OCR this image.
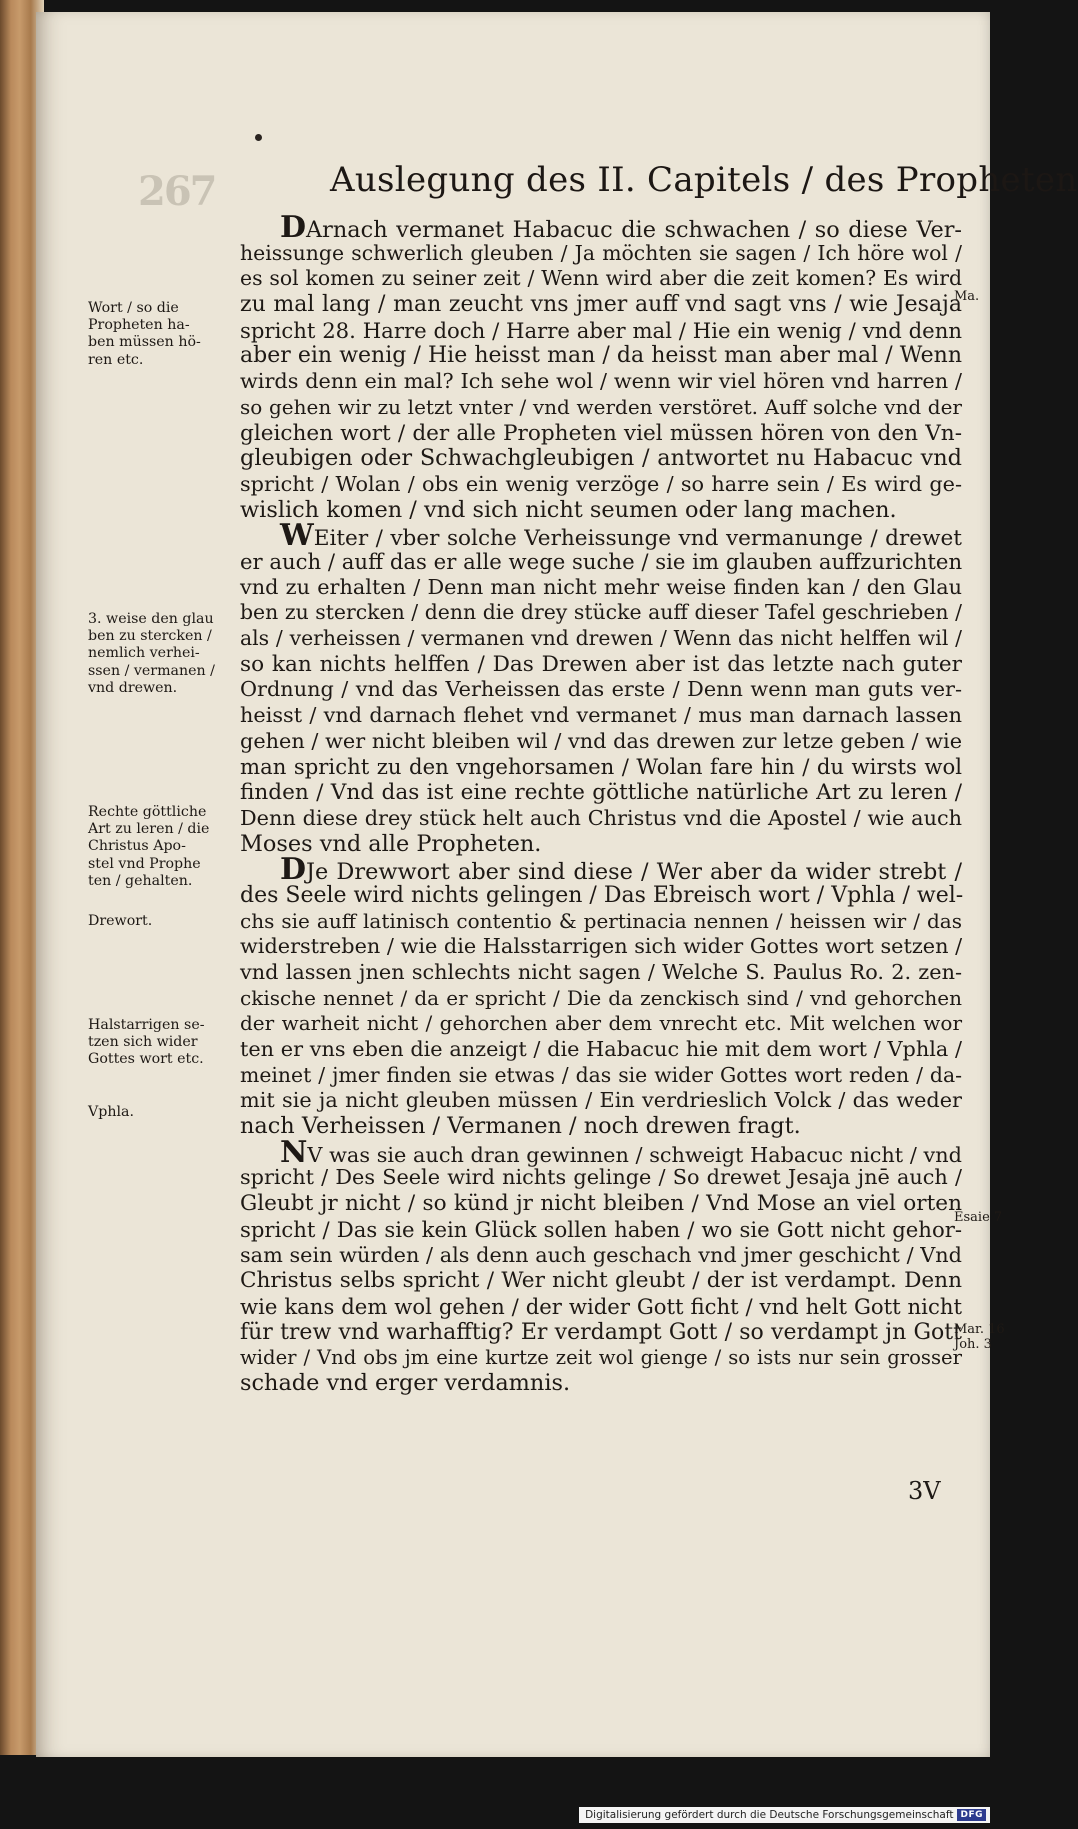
267	Auslegung des II. Capitels / des Propheten
DArnach vermanet Habacuc die schwachen / so diese Ver-
heissunge schwerlich gleuben / Ja möchten sie sagen / Ich höre wol /
es sol komen zu seiner zeit / Wenn wird aber die zeit komen? Es wird
zu mal lang / man zeucht vns jmer auff vnd sagt vns / wie Jesaja
spricht 28. Harre doch / Harre aber mal / Hie ein wenig / vnd denn
aber ein wenig / Hie heisst man / da heisst man aber mal / Wenn
wirds denn ein mal? Ich sehe wol / wenn wir viel hören vnd harren /
so gehen wir zu letzt vnter / vnd werden verstöret. Auff solche vnd der
gleichen wort / der alle Propheten viel müssen hören von den Vn-
gleubigen oder Schwachgleubigen / antwortet nu Habacuc vnd
spricht / Wolan / obs ein wenig verzöge / so harre sein / Es wird ge-
wislich komen / vnd sich nicht seumen oder lang machen.
WEiter / vber solche Verheissunge vnd vermanunge / drewet
er auch / auff das er alle wege suche / sie im glauben auffzurichten
vnd zu erhalten / Denn man nicht mehr weise finden kan / den Glau
ben zu stercken / denn die drey stücke auff dieser Tafel geschrieben /
als / verheissen / vermanen vnd drewen / Wenn das nicht helffen wil /
so kan nichts helffen / Das Drewen aber ist das letzte nach guter
Ordnung / vnd das Verheissen das erste / Denn wenn man guts ver-
heisst / vnd darnach flehet vnd vermanet / mus man darnach lassen
gehen / wer nicht bleiben wil / vnd das drewen zur letze geben / wie
man spricht zu den vngehorsamen / Wolan fare hin / du wirsts wol
finden / Vnd das ist eine rechte göttliche natürliche Art zu leren /
Denn diese drey stück helt auch Christus vnd die Apostel / wie auch
Moses vnd alle Propheten.
DJe Drewwort aber sind diese / Wer aber da wider strebt /
des Seele wird nichts gelingen / Das Ebreisch wort / Vphla / wel-
chs sie auff latinisch contentio & pertinacia nennen / heissen wir / das
widerstreben / wie die Halsstarrigen sich wider Gottes wort setzen /
vnd lassen jnen schlechts nicht sagen / Welche S. Paulus Ro. 2. zen-
ckische nennet / da er spricht / Die da zenckisch sind / vnd gehorchen
der warheit nicht / gehorchen aber dem vnrecht etc. Mit welchen wor
ten er vns eben die anzeigt / die Habacuc hie mit dem wort / Vphla /
meinet / jmer finden sie etwas / das sie wider Gottes wort reden / da-
mit sie ja nicht gleuben müssen / Ein verdrieslich Volck / das weder
nach Verheissen / Vermanen / noch drewen fragt.
NV was sie auch dran gewinnen / schweigt Habacuc nicht / vnd
spricht / Des Seele wird nichts gelinge / So drewet Jesaja jnē auch /
Gleubt jr nicht / so künd jr nicht bleiben / Vnd Mose an viel orten
spricht / Das sie kein Glück sollen haben / wo sie Gott nicht gehor-
sam sein würden / als denn auch geschach vnd jmer geschicht / Vnd
Christus selbs spricht / Wer nicht gleubt / der ist verdampt. Denn
wie kans dem wol gehen / der wider Gott ficht / vnd helt Gott nicht
für trew vnd warhafftig? Er verdampt Gott / so verdampt jn Gott
wider / Vnd obs jm eine kurtze zeit wol gienge / so ists nur sein grosser
schade vnd erger verdamnis.
Wort / so die
Propheten ha-
ben müssen hö-
ren etc.
3. weise den glau
ben zu stercken /
nemlich verhei-
ssen / vermanen /
vnd drewen.
Rechte göttliche
Art zu leren / die
Christus Apo-
stel vnd Prophe
ten / gehalten.
Drewort.
Halstarrigen se-
tzen sich wider
Gottes wort etc.
Vphla.
Ma.
Esaie 7
Mar. 16
Joh. 3
3V
Digitalisierung gefördert durch die Deutsche Forschungsgemeinschaft DFG
